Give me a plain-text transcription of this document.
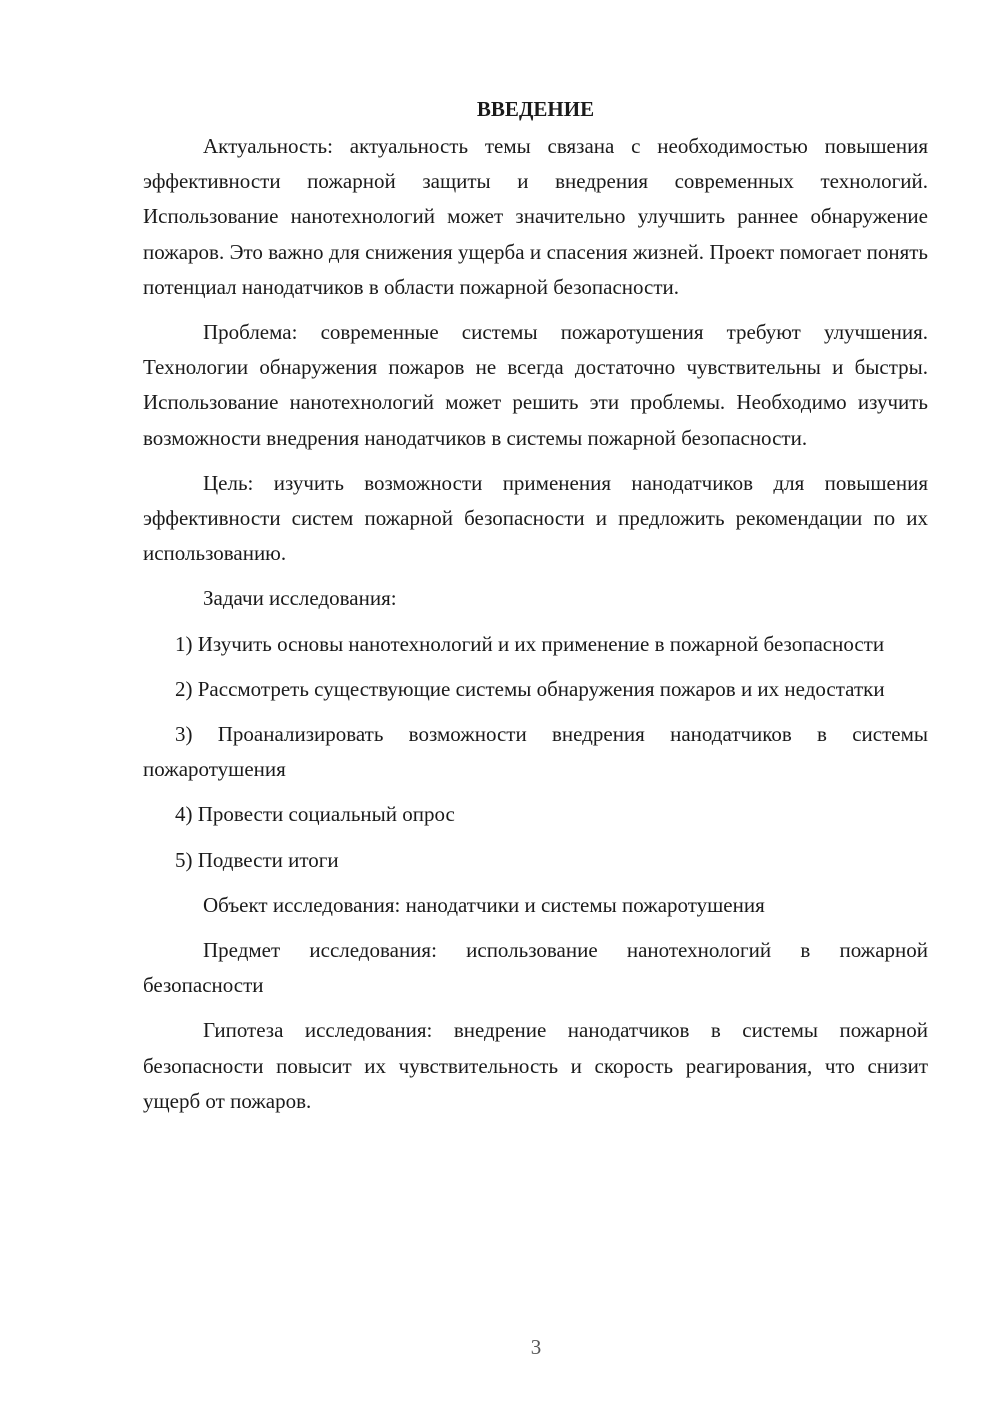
ВВЕДЕНИЕ

Актуальность: актуальность темы связана с необходимостью повышения эффективности пожарной защиты и внедрения современных технологий. Использование нанотехнологий может значительно улучшить раннее обнаружение пожаров. Это важно для снижения ущерба и спасения жизней. Проект помогает понять потенциал нанодатчиков в области пожарной безопасности.

Проблема: современные системы пожаротушения требуют улучшения. Технологии обнаружения пожаров не всегда достаточно чувствительны и быстры. Использование нанотехнологий может решить эти проблемы. Необходимо изучить возможности внедрения нанодатчиков в системы пожарной безопасности.

Цель: изучить возможности применения нанодатчиков для повышения эффективности систем пожарной безопасности и предложить рекомендации по их использованию.

Задачи исследования:

1) Изучить основы нанотехнологий и их применение в пожарной безопасности

2) Рассмотреть существующие системы обнаружения пожаров и их недостатки

3) Проанализировать возможности внедрения нанодатчиков в системы пожаротушения

4) Провести социальный опрос

5) Подвести итоги

Объект исследования: нанодатчики и системы пожаротушения

Предмет исследования: использование нанотехнологий в пожарной безопасности

Гипотеза исследования: внедрение нанодатчиков в системы пожарной безопасности повысит их чувствительность и скорость реагирования, что снизит ущерб от пожаров.

3
